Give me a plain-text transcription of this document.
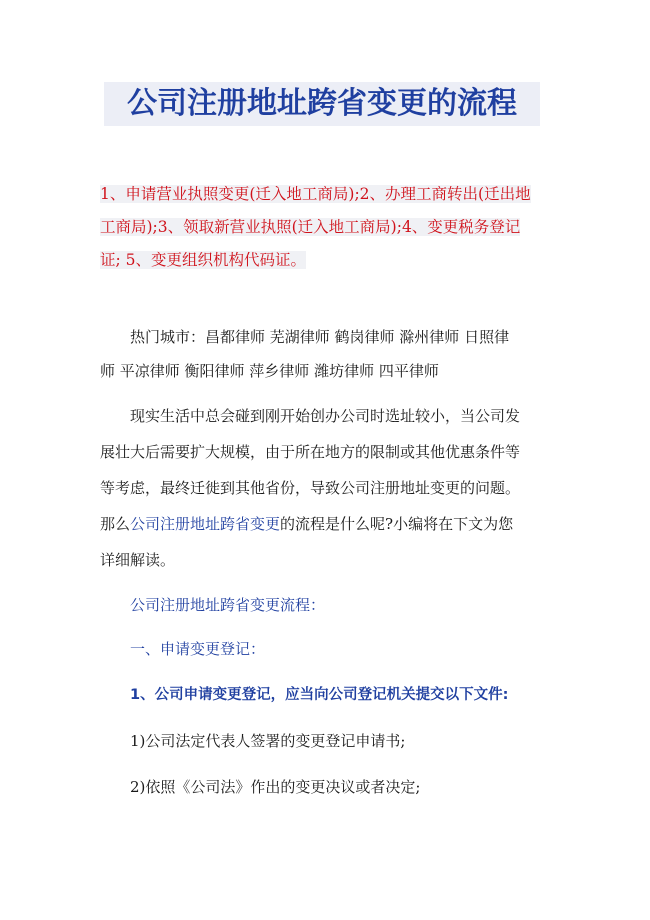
公司注册地址跨省变更的流程
1、申请营业执照变更(迁入地工商局);2、办理工商转出(迁出地
工商局);3、领取新营业执照(迁入地工商局);4、变更税务登记
证; 5、变更组织机构代码证。
热门城市：昌都律师 芜湖律师 鹤岗律师 滁州律师 日照律
师 平凉律师 衡阳律师 萍乡律师 潍坊律师 四平律师
现实生活中总会碰到刚开始创办公司时选址较小，当公司发
展壮大后需要扩大规模，由于所在地方的限制或其他优惠条件等
等考虑，最终迁徙到其他省份，导致公司注册地址变更的问题。
那么公司注册地址跨省变更的流程是什么呢?小编将在下文为您
详细解读。
公司注册地址跨省变更流程：
一、申请变更登记：
1、公司申请变更登记，应当向公司登记机关提交以下文件:
1)公司法定代表人签署的变更登记申请书;
2)依照《公司法》作出的变更决议或者决定;
